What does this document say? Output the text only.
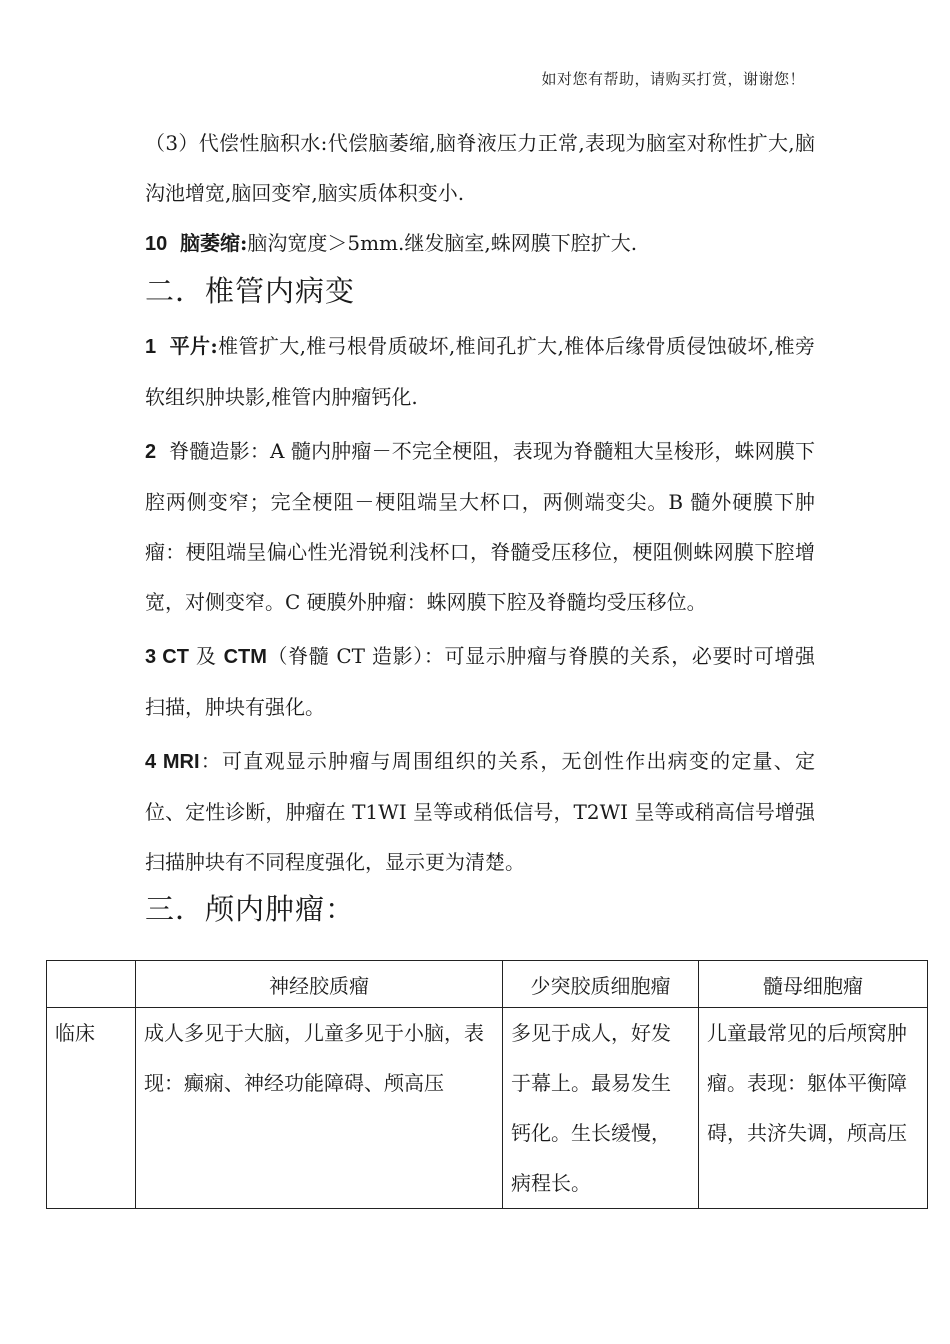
如对您有帮助，请购买打赏，谢谢您！

（3）代偿性脑积水:代偿脑萎缩,脑脊液压力正常,表现为脑室对称性扩大,脑沟池增宽,脑回变窄,脑实质体积变小.

10 脑萎缩:脑沟宽度＞5mm.继发脑室,蛛网膜下腔扩大.

二．椎管内病变

1 平片:椎管扩大,椎弓根骨质破坏,椎间孔扩大,椎体后缘骨质侵蚀破坏,椎旁软组织肿块影,椎管内肿瘤钙化.

2 脊髓造影：A 髓内肿瘤－不完全梗阻，表现为脊髓粗大呈梭形，蛛网膜下腔两侧变窄；完全梗阻－梗阻端呈大杯口，两侧端变尖。B 髓外硬膜下肿瘤：梗阻端呈偏心性光滑锐利浅杯口，脊髓受压移位，梗阻侧蛛网膜下腔增宽，对侧变窄。C 硬膜外肿瘤：蛛网膜下腔及脊髓均受压移位。

3 CT 及 CTM（脊髓 CT 造影）：可显示肿瘤与脊膜的关系，必要时可增强扫描，肿块有强化。

4 MRI：可直观显示肿瘤与周围组织的关系，无创性作出病变的定量、定位、定性诊断，肿瘤在 T1WI 呈等或稍低信号，T2WI 呈等或稍高信号增强扫描肿块有不同程度强化，显示更为清楚。

三．颅内肿瘤：
	神经胶质瘤	少突胶质细胞瘤	髓母细胞瘤
临床	成人多见于大脑，儿童多见于小脑，表现：癫痫、神经功能障碍、颅高压	多见于成人，好发于幕上。最易发生钙化。生长缓慢，病程长。	儿童最常见的后颅窝肿瘤。表现：躯体平衡障碍，共济失调，颅高压
